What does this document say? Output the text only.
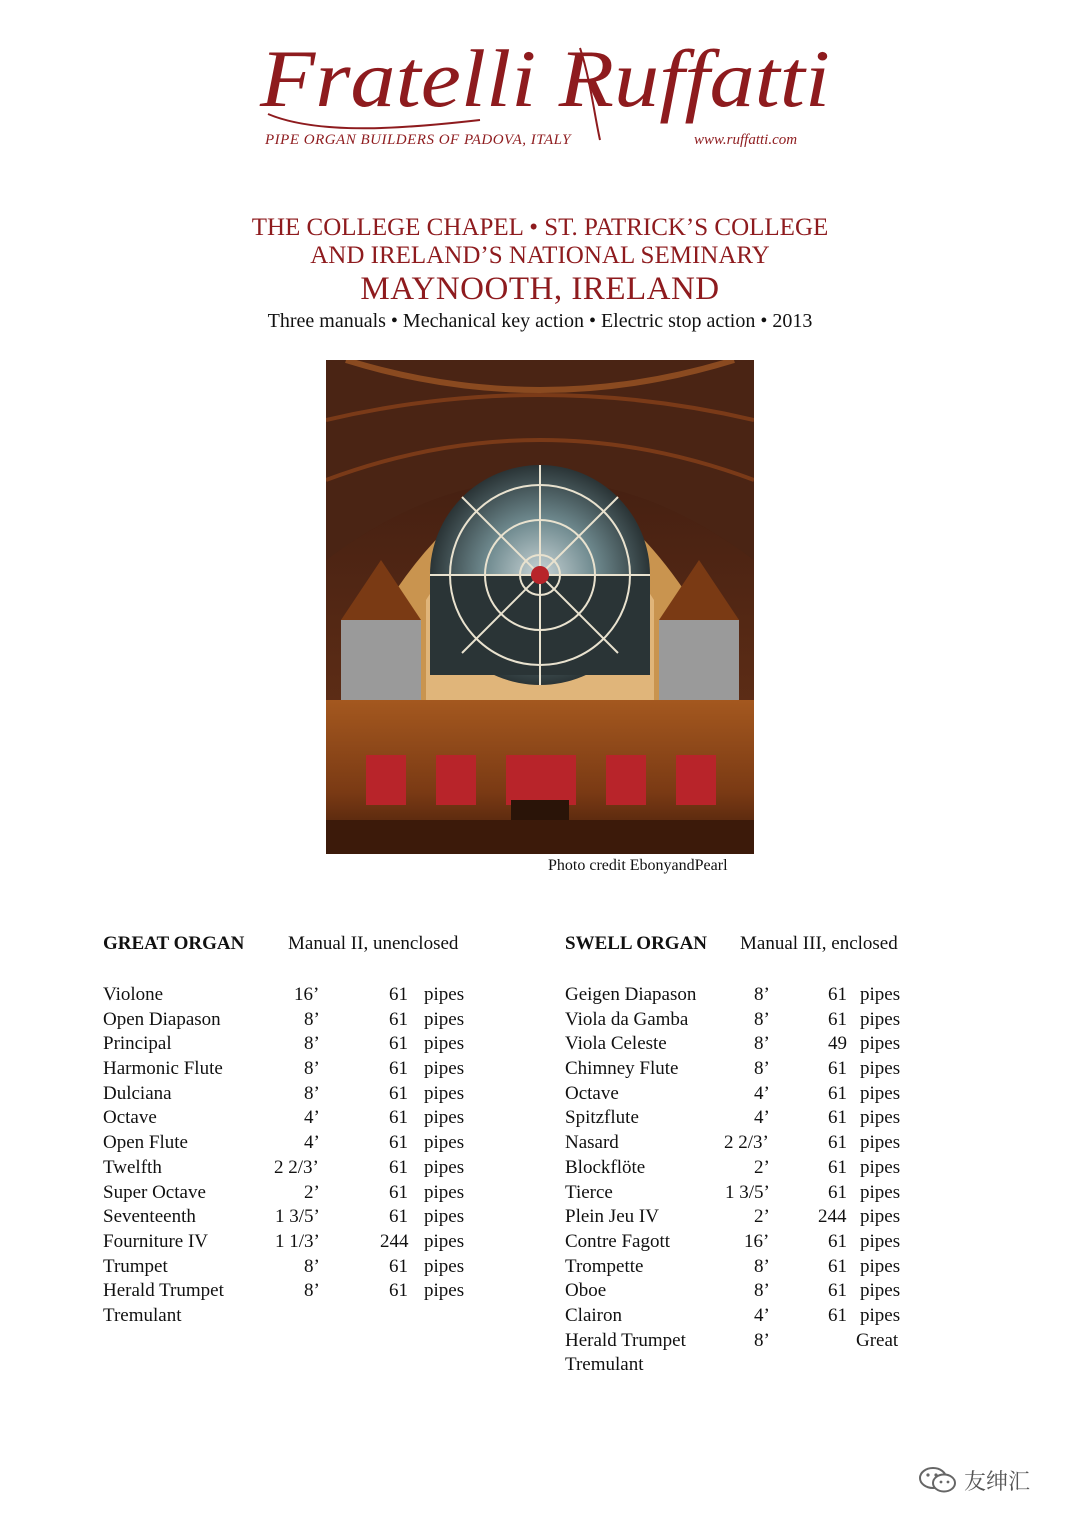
Fratelli Ruffatti
PIPE ORGAN BUILDERS OF PADOVA, ITALY	www.ruffatti.com
THE COLLEGE CHAPEL • ST. PATRICK’S COLLEGE
AND IRELAND’S NATIONAL SEMINARY
MAYNOOTH, IRELAND
Three manuals • Mechanical key action • Electric stop action • 2013
Photo credit EbonyandPearl
GREAT ORGAN Manual II, unenclosed
Violone	16’	61 pipes
Open Diapason	8’	61 pipes
Principal	8’	61 pipes
Harmonic Flute	8’	61 pipes
Dulciana	8’	61 pipes
Octave	4’	61 pipes
Open Flute	4’	61 pipes
Twelfth	2 2/3’	61 pipes
Super Octave	2’	61 pipes
Seventeenth	1 3/5’	61 pipes
Fourniture IV	1 1/3’	244 pipes
Trumpet	8’	61 pipes
Herald Trumpet	8’	61 pipes
Tremulant
SWELL ORGAN Manual III, enclosed
Geigen Diapason	8’	61 pipes
Viola da Gamba	8’	61 pipes
Viola Celeste	8’	49 pipes
Chimney Flute	8’	61 pipes
Octave	4’	61 pipes
Spitzflute	4’	61 pipes
Nasard	2 2/3’	61 pipes
Blockflöte	2’	61 pipes
Tierce	1 3/5’	61 pipes
Plein Jeu IV	2’	244 pipes
Contre Fagott	16’	61 pipes
Trompette	8’	61 pipes
Oboe	8’	61 pipes
Clairon	4’	61 pipes
Herald Trumpet	8’	Great
Tremulant
友绅汇
